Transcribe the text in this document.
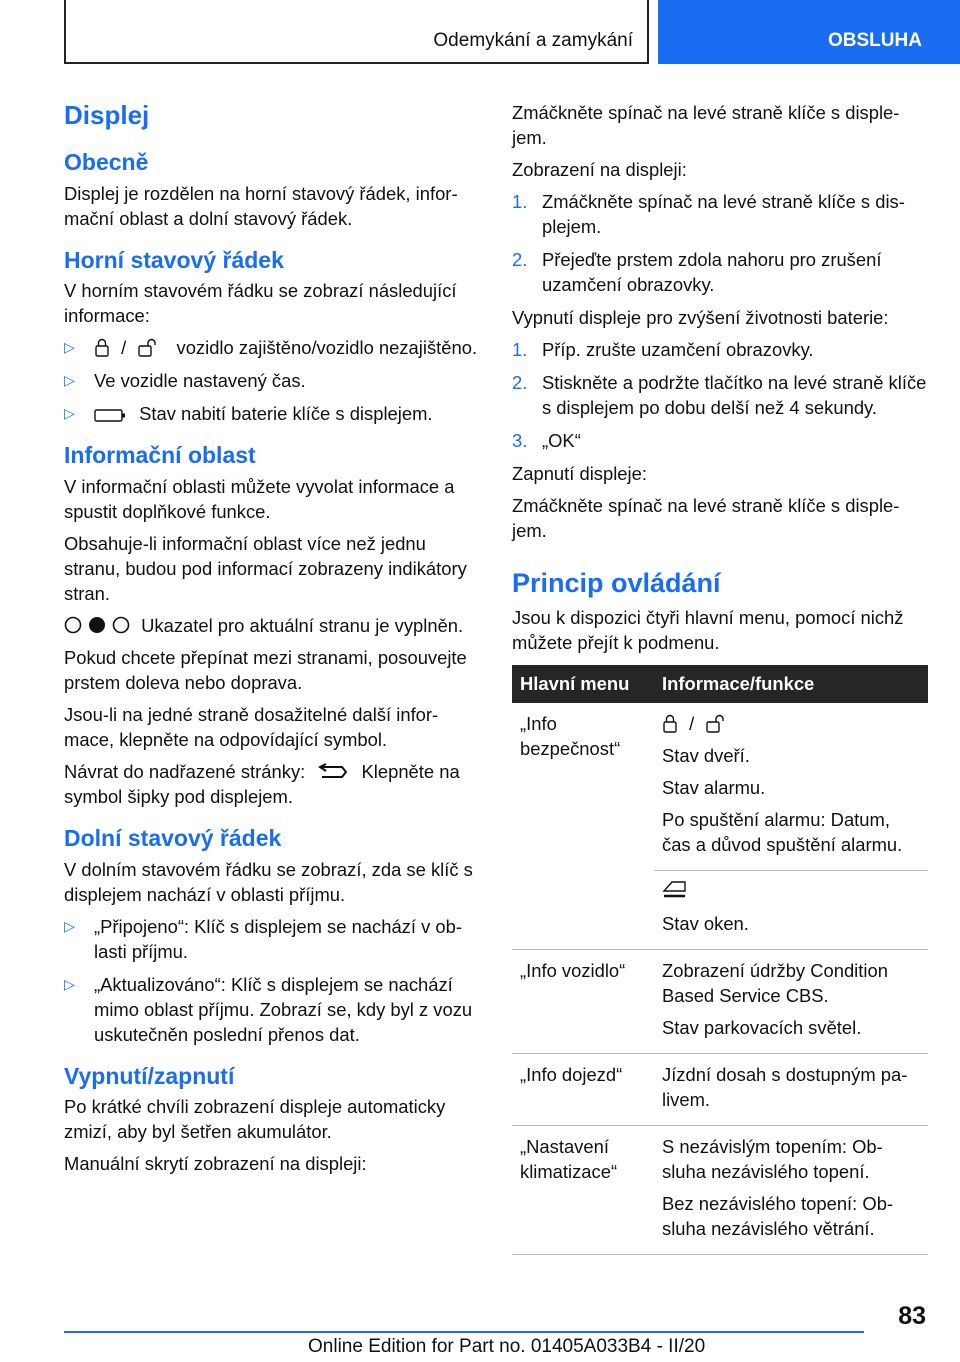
Odemykání a zamykání	OBSLUHA
Displej
Obecně

Displej je rozdělen na horní stavový řádek, informační oblast a dolní stavový řádek.

Horní stavový řádek

V horním stavovém řádku se zobrazí následující informace:

▷	/	vozidlo zajištěno/vozidlo nezajištěno.
▷ Ve vozidle nastavený čas.
▷	Stav nabití baterie klíče s displejem.
Informační oblast

V informační oblasti můžete vyvolat informace a spustit doplňkové funkce.

Obsahuje-li informační oblast více než jednu stranu, budou pod informací zobrazeny indikátory stran.

Ukazatel pro aktuální stranu je vyplněn.

Pokud chcete přepínat mezi stranami, posouvejte prstem doleva nebo doprava.

Jsou-li na jedné straně dosažitelné další informace, klepněte na odpovídající symbol.

Návrat do nadřazené stránky:	Klepněte na symbol šipky pod displejem.

Dolní stavový řádek

V dolním stavovém řádku se zobrazí, zda se klíč s displejem nachází v oblasti příjmu.

▷ „Připojeno“: Klíč s displejem se nachází v oblasti příjmu.
▷ „Aktualizováno“: Klíč s displejem se nachází mimo oblast příjmu. Zobrazí se, kdy byl z vozu uskutečněn poslední přenos dat.
Vypnutí/zapnutí

Po krátké chvíli zobrazení displeje automaticky zmizí, aby byl šetřen akumulátor.

Manuální skrytí zobrazení na displeji:

Zmáčkněte spínač na levé straně klíče s displejem.

Zobrazení na displeji:

1. Zmáčkněte spínač na levé straně klíče s displejem.
2. Přejeďte prstem zdola nahoru pro zrušení uzamčení obrazovky.

Vypnutí displeje pro zvýšení životnosti baterie:

1. Příp. zrušte uzamčení obrazovky.
2. Stiskněte a podržte tlačítko na levé straně klíče s displejem po dobu delší než 4 sekundy.
3. „OK“

Zapnutí displeje:

Zmáčkněte spínač na levé straně klíče s displejem.

Princip ovládání

Jsou k dispozici čtyři hlavní menu, pomocí nichž můžete přejít k podmenu.

Hlavní menu	Informace/funkce
„Info bezpečnost“	/

Stav dveří.

Stav alarmu.

Po spuštění alarmu: Datum, čas a důvod spuštění alarmu.

	Stav oken.

„Info vozidlo“	Zobrazení údržby Condition Based Service CBS.

Stav parkovacích světel.

„Info dojezd“	Jízdní dosah s dostupným palivem.

„Nastavení klimatizace“	S nezávislým topením: Obsluha nezávislého topení.

Bez nezávislého topení: Obsluha nezávislého větrání.

83
Online Edition for Part no. 01405A033B4 - II/20
